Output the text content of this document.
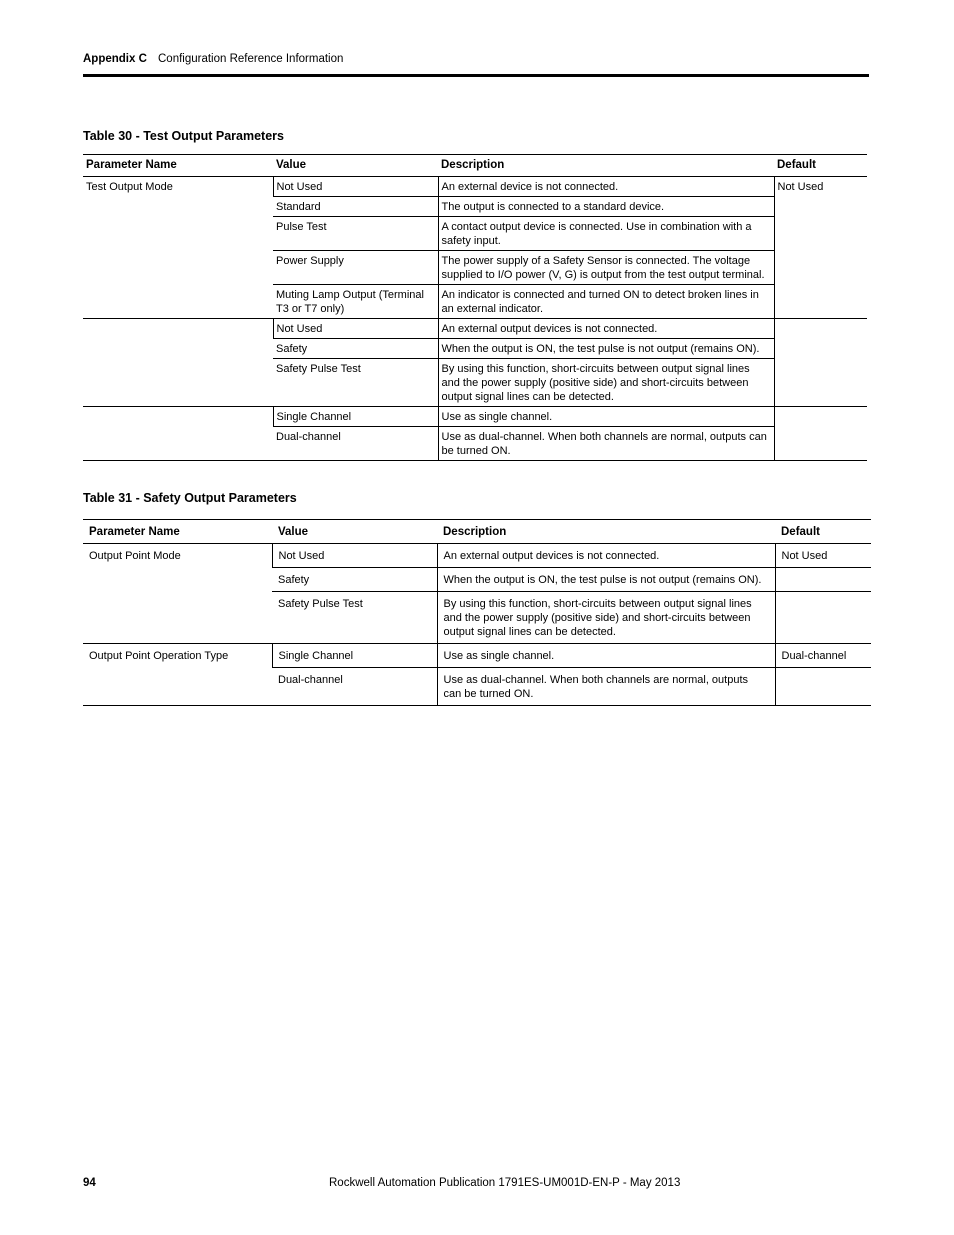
Appendix C Configuration Reference Information
Table 30 - Test Output Parameters
Parameter Name	Value	Description	Default
Test Output Mode	Not Used	An external device is not connected.	Not Used
	Standard	The output is connected to a standard device.	
	Pulse Test	A contact output device is connected. Use in combination with a safety input.	
	Power Supply	The power supply of a Safety Sensor is connected. The voltage supplied to I/O power (V, G) is output from the test output terminal.	
	Muting Lamp Output (Terminal T3 or T7 only)	An indicator is connected and turned ON to detect broken lines in an external indicator.	
	Not Used	An external output devices is not connected.	
	Safety	When the output is ON, the test pulse is not output (remains ON).	
	Safety Pulse Test	By using this function, short-circuits between output signal lines and the power supply (positive side) and short-circuits between output signal lines can be detected.	
	Single Channel	Use as single channel.	
	Dual-channel	Use as dual-channel. When both channels are normal, outputs can be turned ON.	
Table 31 - Safety Output Parameters
Parameter Name	Value	Description	Default
Output Point Mode	Not Used	An external output devices is not connected.	Not Used
	Safety	When the output is ON, the test pulse is not output (remains ON).	
	Safety Pulse Test	By using this function, short-circuits between output signal lines and the power supply (positive side) and short-circuits between output signal lines can be detected.	
Output Point Operation Type	Single Channel	Use as single channel.	Dual-channel
	Dual-channel	Use as dual-channel. When both channels are normal, outputs can be turned ON.	
94	Rockwell Automation Publication 1791ES-UM001D-EN-P - May 2013
